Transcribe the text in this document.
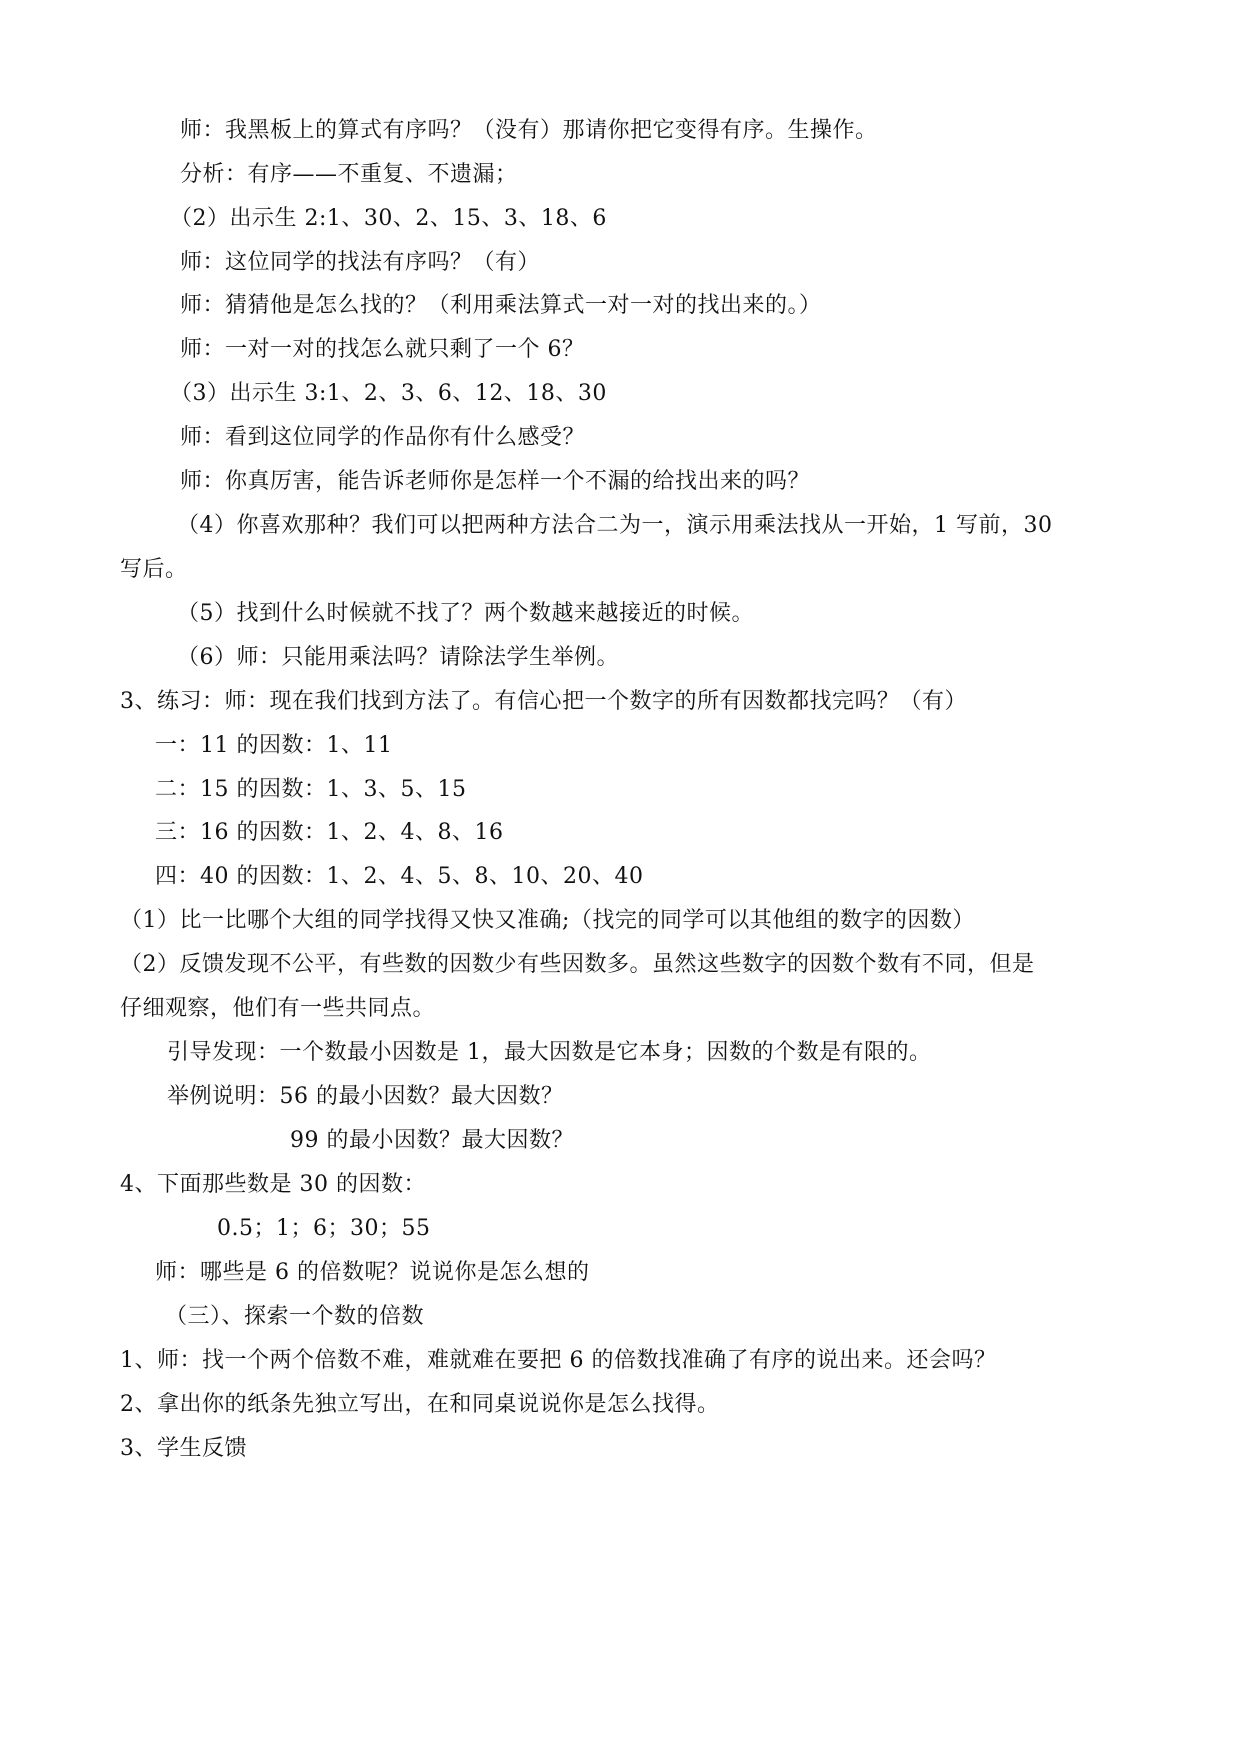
师：我黑板上的算式有序吗？（没有）那请你把它变得有序。生操作。
分析：有序——不重复、不遗漏；
（2）出示生 2:1、30、2、15、3、18、6
师：这位同学的找法有序吗？（有）
师：猜猜他是怎么找的？（利用乘法算式一对一对的找出来的。）
师：一对一对的找怎么就只剩了一个 6？
（3）出示生 3:1、2、3、6、12、18、30
师：看到这位同学的作品你有什么感受？
师：你真厉害，能告诉老师你是怎样一个不漏的给找出来的吗？
（4）你喜欢那种？我们可以把两种方法合二为一，演示用乘法找从一开始，1 写前，30
写后。
（5）找到什么时候就不找了？两个数越来越接近的时候。
（6）师：只能用乘法吗？请除法学生举例。
3、练习：师：现在我们找到方法了。有信心把一个数字的所有因数都找完吗？（有）
一：11 的因数：1、11
二：15 的因数：1、3、5、15
三：16 的因数：1、2、4、8、16
四：40 的因数：1、2、4、5、8、10、20、40
（1）比一比哪个大组的同学找得又快又准确;（找完的同学可以其他组的数字的因数）
（2）反馈发现不公平，有些数的因数少有些因数多。虽然这些数字的因数个数有不同，但是
仔细观察，他们有一些共同点。
引导发现：一个数最小因数是 1，最大因数是它本身；因数的个数是有限的。
举例说明：56 的最小因数？最大因数？
99 的最小因数？最大因数？
4、下面那些数是 30 的因数：
0.5；1；6；30；55
师：哪些是 6 的倍数呢？说说你是怎么想的
（三）、探索一个数的倍数
1、师：找一个两个倍数不难，难就难在要把 6 的倍数找准确了有序的说出来。还会吗？
2、拿出你的纸条先独立写出，在和同桌说说你是怎么找得。
3、学生反馈
